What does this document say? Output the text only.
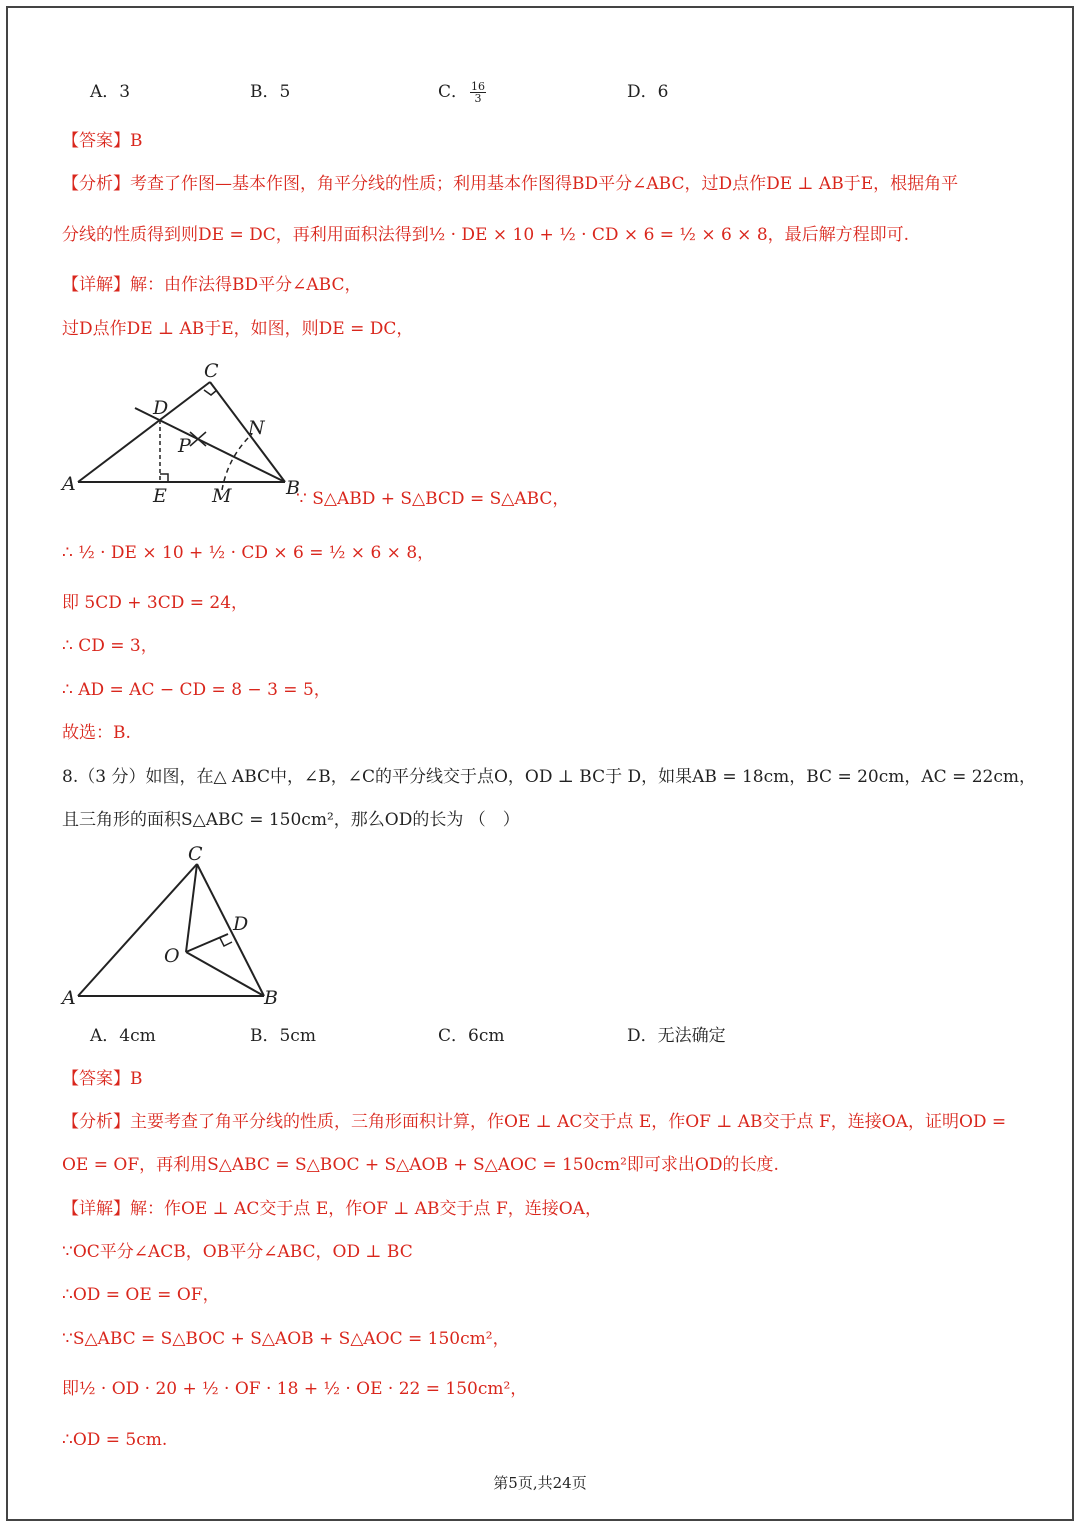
A．3	B．5	C． $\frac{16}{3}$	D．6
【答案】B
【分析】考查了作图—基本作图，角平分线的性质；利用基本作图得BD平分∠ABC，过D点作DE ⊥ AB于E，根据角平
分线的性质得到则DE = DC，再利用面积法得到½ · DE × 10 + ½ · CD × 6 = ½ × 6 × 8，最后解方程即可.
【详解】解：由作法得BD平分∠ABC，
过D点作DE ⊥ AB于E，如图，则DE = DC，
A	B
C
D
E M
N
P
∵ S△ABD + S△BCD = S△ABC，
∴ ½ · DE × 10 + ½ · CD × 6 = ½ × 6 × 8，
即 5CD + 3CD = 24，
∴ CD = 3，
∴ AD = AC − CD = 8 − 3 = 5，
故选：B.
8.（3 分）如图，在△ ABC中，∠B，∠C的平分线交于点O，OD ⊥ BC于 D，如果AB = 18cm，BC = 20cm，AC = 22cm，
且三角形的面积S△ABC = 150cm²，那么OD的长为 （　）
A	B
C
D
O
A．4cm	B．5cm	C．6cm	D．无法确定
【答案】B
【分析】主要考查了角平分线的性质，三角形面积计算，作OE ⊥ AC交于点 E，作OF ⊥ AB交于点 F，连接OA，证明OD =
OE = OF，再利用S△ABC = S△BOC + S△AOB + S△AOC = 150cm²即可求出OD的长度.
【详解】解：作OE ⊥ AC交于点 E，作OF ⊥ AB交于点 F，连接OA，
∵OC平分∠ACB，OB平分∠ABC，OD ⊥ BC
∴OD = OE = OF，
∵S△ABC = S△BOC + S△AOB + S△AOC = 150cm²，
即½ · OD · 20 + ½ · OF · 18 + ½ · OE · 22 = 150cm²，
∴OD = 5cm.
第5页,共24页
